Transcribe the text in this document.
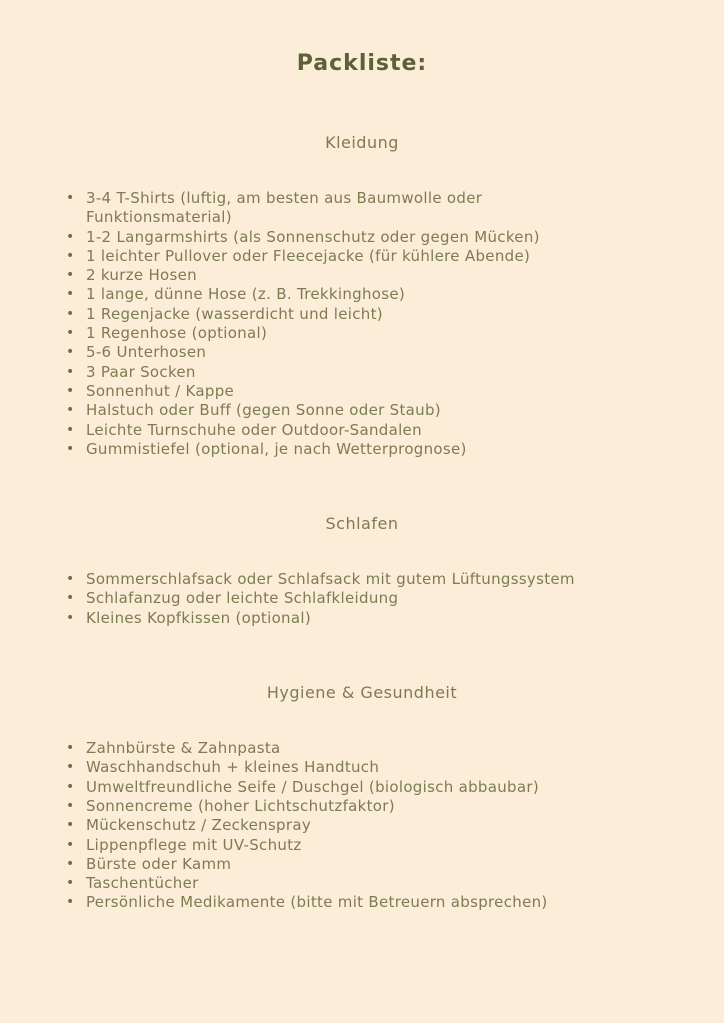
Packliste:
Kleidung
• 3-4 T-Shirts (luftig, am besten aus Baumwolle oder Funktionsmaterial)
• 1-2 Langarmshirts (als Sonnenschutz oder gegen Mücken)
• 1 leichter Pullover oder Fleecejacke (für kühlere Abende)
• 2 kurze Hosen
• 1 lange, dünne Hose (z. B. Trekkinghose)
• 1 Regenjacke (wasserdicht und leicht)
• 1 Regenhose (optional)
• 5-6 Unterhosen
• 3 Paar Socken
• Sonnenhut / Kappe
• Halstuch oder Buff (gegen Sonne oder Staub)
• Leichte Turnschuhe oder Outdoor-Sandalen
• Gummistiefel (optional, je nach Wetterprognose)
Schlafen
• Sommerschlafsack oder Schlafsack mit gutem Lüftungssystem
• Schlafanzug oder leichte Schlafkleidung
• Kleines Kopfkissen (optional)
Hygiene & Gesundheit
• Zahnbürste & Zahnpasta
• Waschhandschuh + kleines Handtuch
• Umweltfreundliche Seife / Duschgel (biologisch abbaubar)
• Sonnencreme (hoher Lichtschutzfaktor)
• Mückenschutz / Zeckenspray
• Lippenpflege mit UV-Schutz
• Bürste oder Kamm
• Taschentücher
• Persönliche Medikamente (bitte mit Betreuern absprechen)
